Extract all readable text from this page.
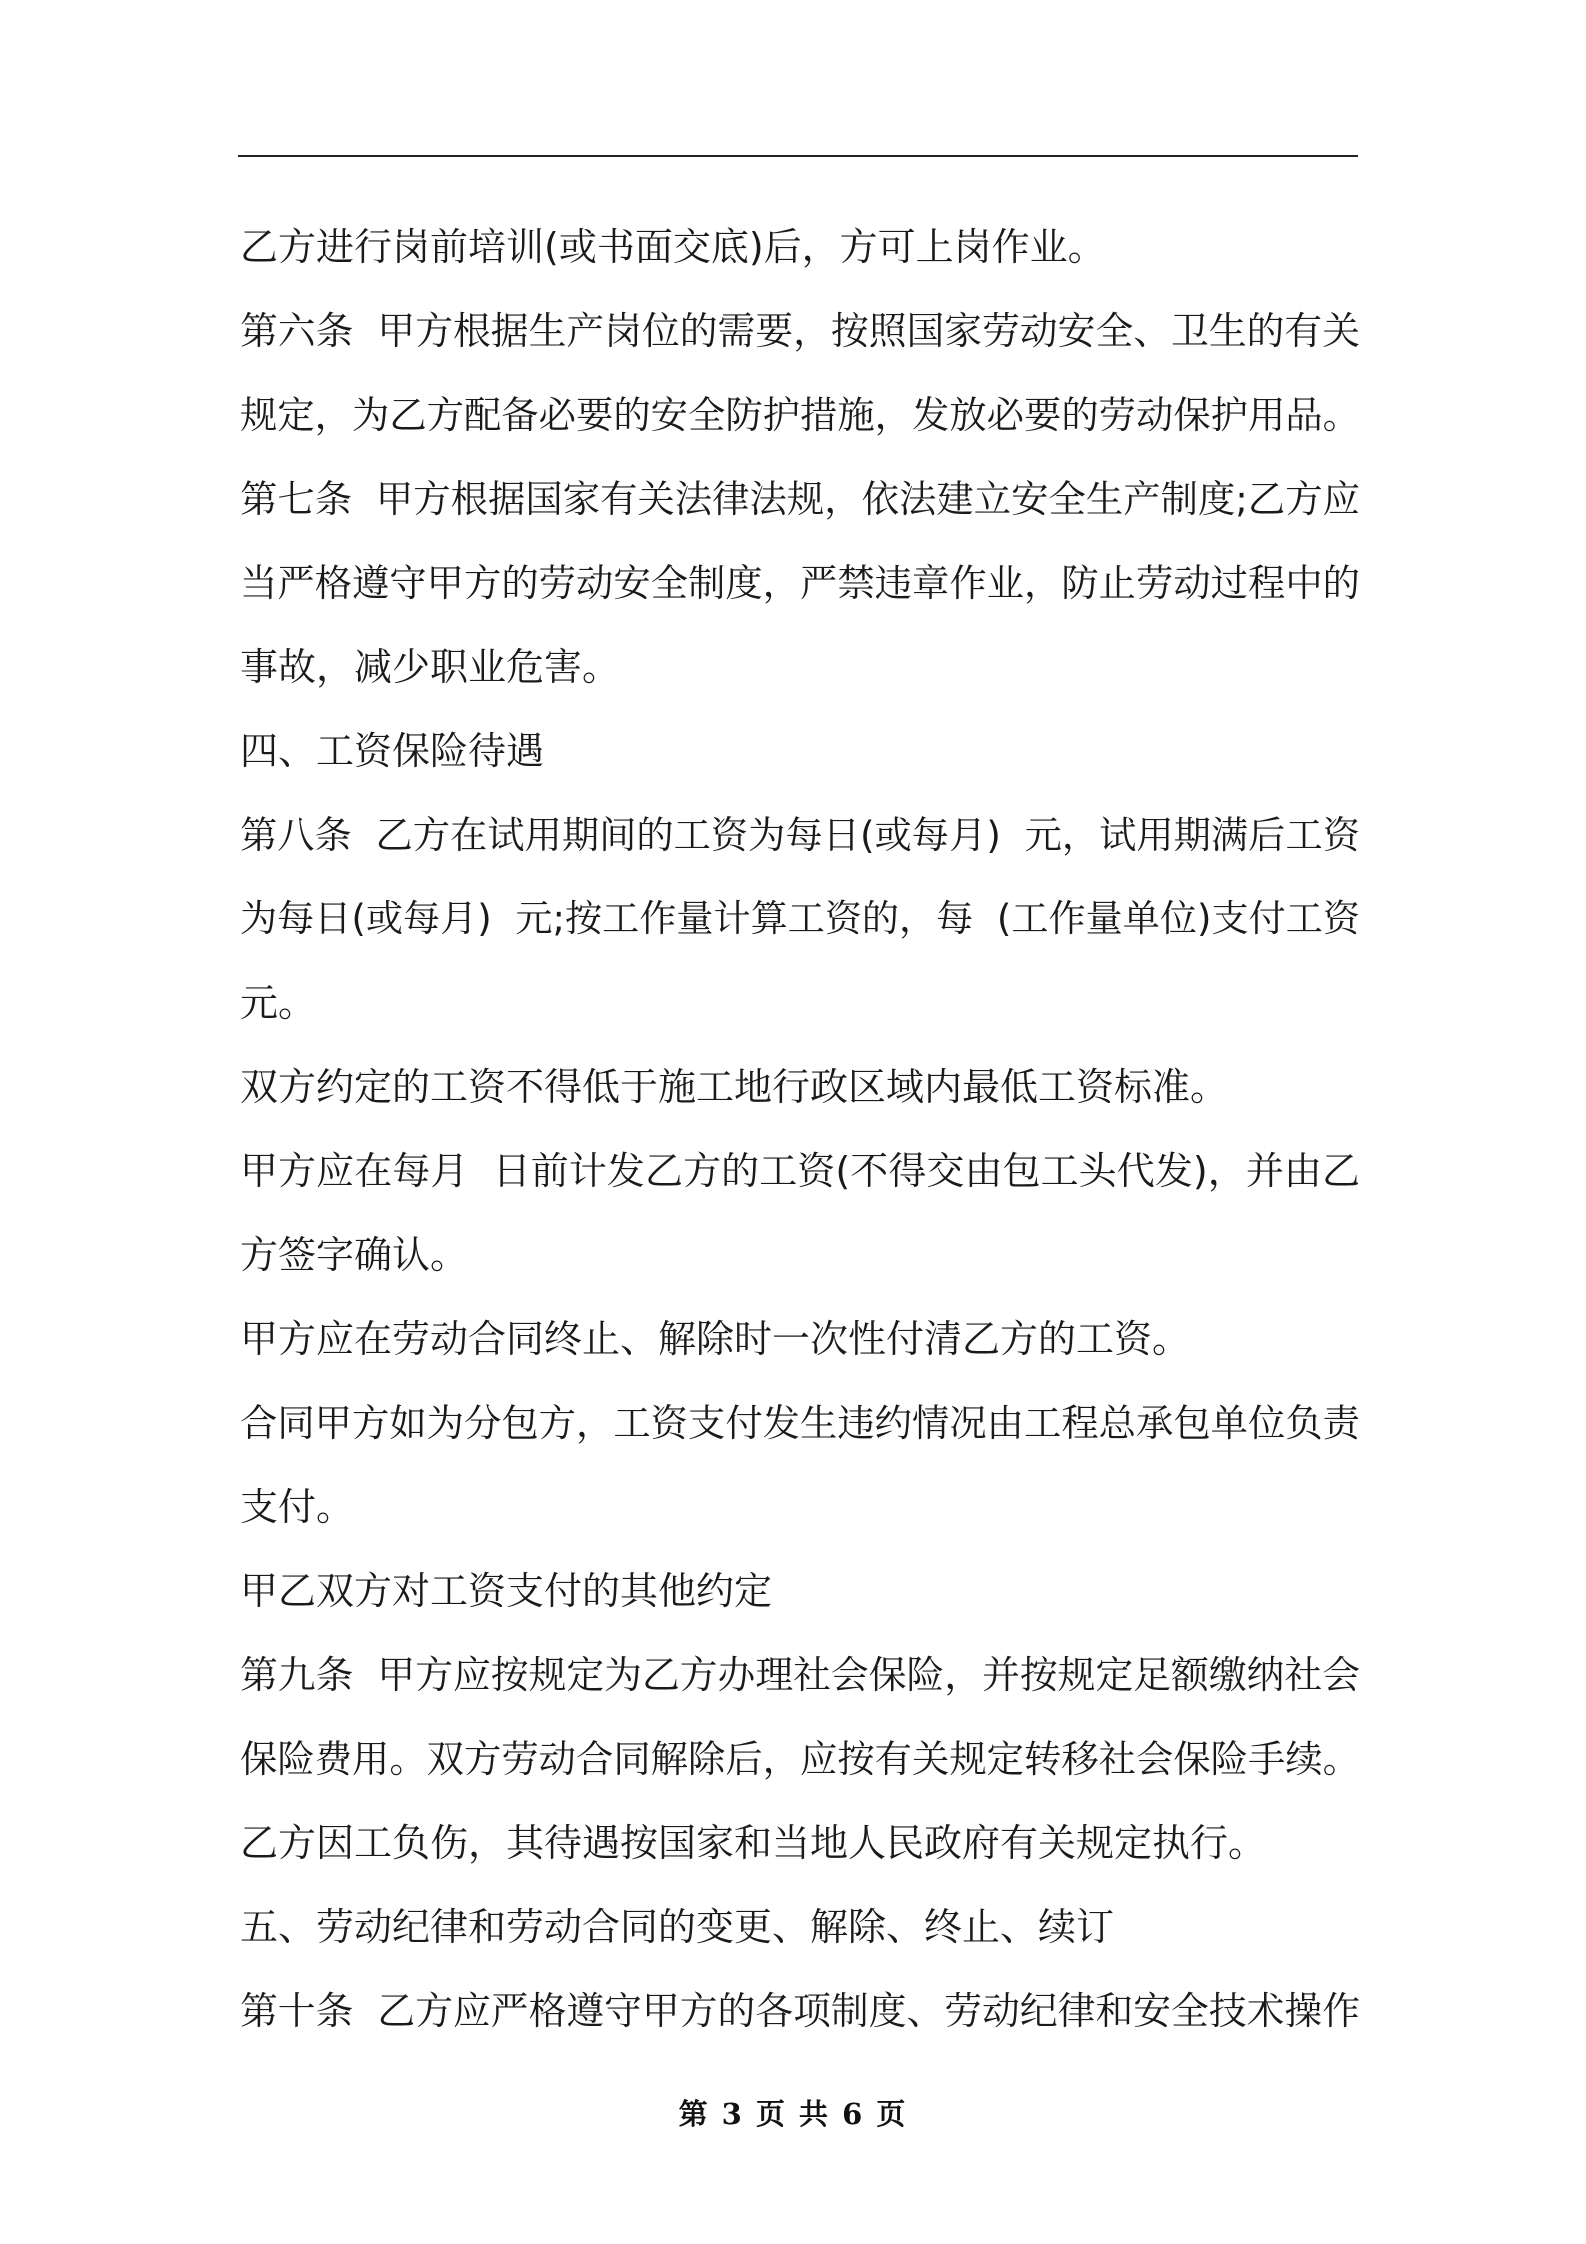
乙方进行岗前培训(或书面交底)后，方可上岗作业。
第六条  甲方根据生产岗位的需要，按照国家劳动安全、卫生的有关
规定，为乙方配备必要的安全防护措施，发放必要的劳动保护用品。
第七条  甲方根据国家有关法律法规，依法建立安全生产制度;乙方应
当严格遵守甲方的劳动安全制度，严禁违章作业，防止劳动过程中的
事故，减少职业危害。
四、工资保险待遇
第八条  乙方在试用期间的工资为每日(或每月)  元，试用期满后工资
为每日(或每月)  元;按工作量计算工资的，每  (工作量单位)支付工资
元。
双方约定的工资不得低于施工地行政区域内最低工资标准。
甲方应在每月  日前计发乙方的工资(不得交由包工头代发)，并由乙
方签字确认。
甲方应在劳动合同终止、解除时一次性付清乙方的工资。
合同甲方如为分包方，工资支付发生违约情况由工程总承包单位负责
支付。
甲乙双方对工资支付的其他约定
第九条  甲方应按规定为乙方办理社会保险，并按规定足额缴纳社会
保险费用。双方劳动合同解除后，应按有关规定转移社会保险手续。
乙方因工负伤，其待遇按国家和当地人民政府有关规定执行。
五、劳动纪律和劳动合同的变更、解除、终止、续订
第十条  乙方应严格遵守甲方的各项制度、劳动纪律和安全技术操作
第 3 页 共 6 页
